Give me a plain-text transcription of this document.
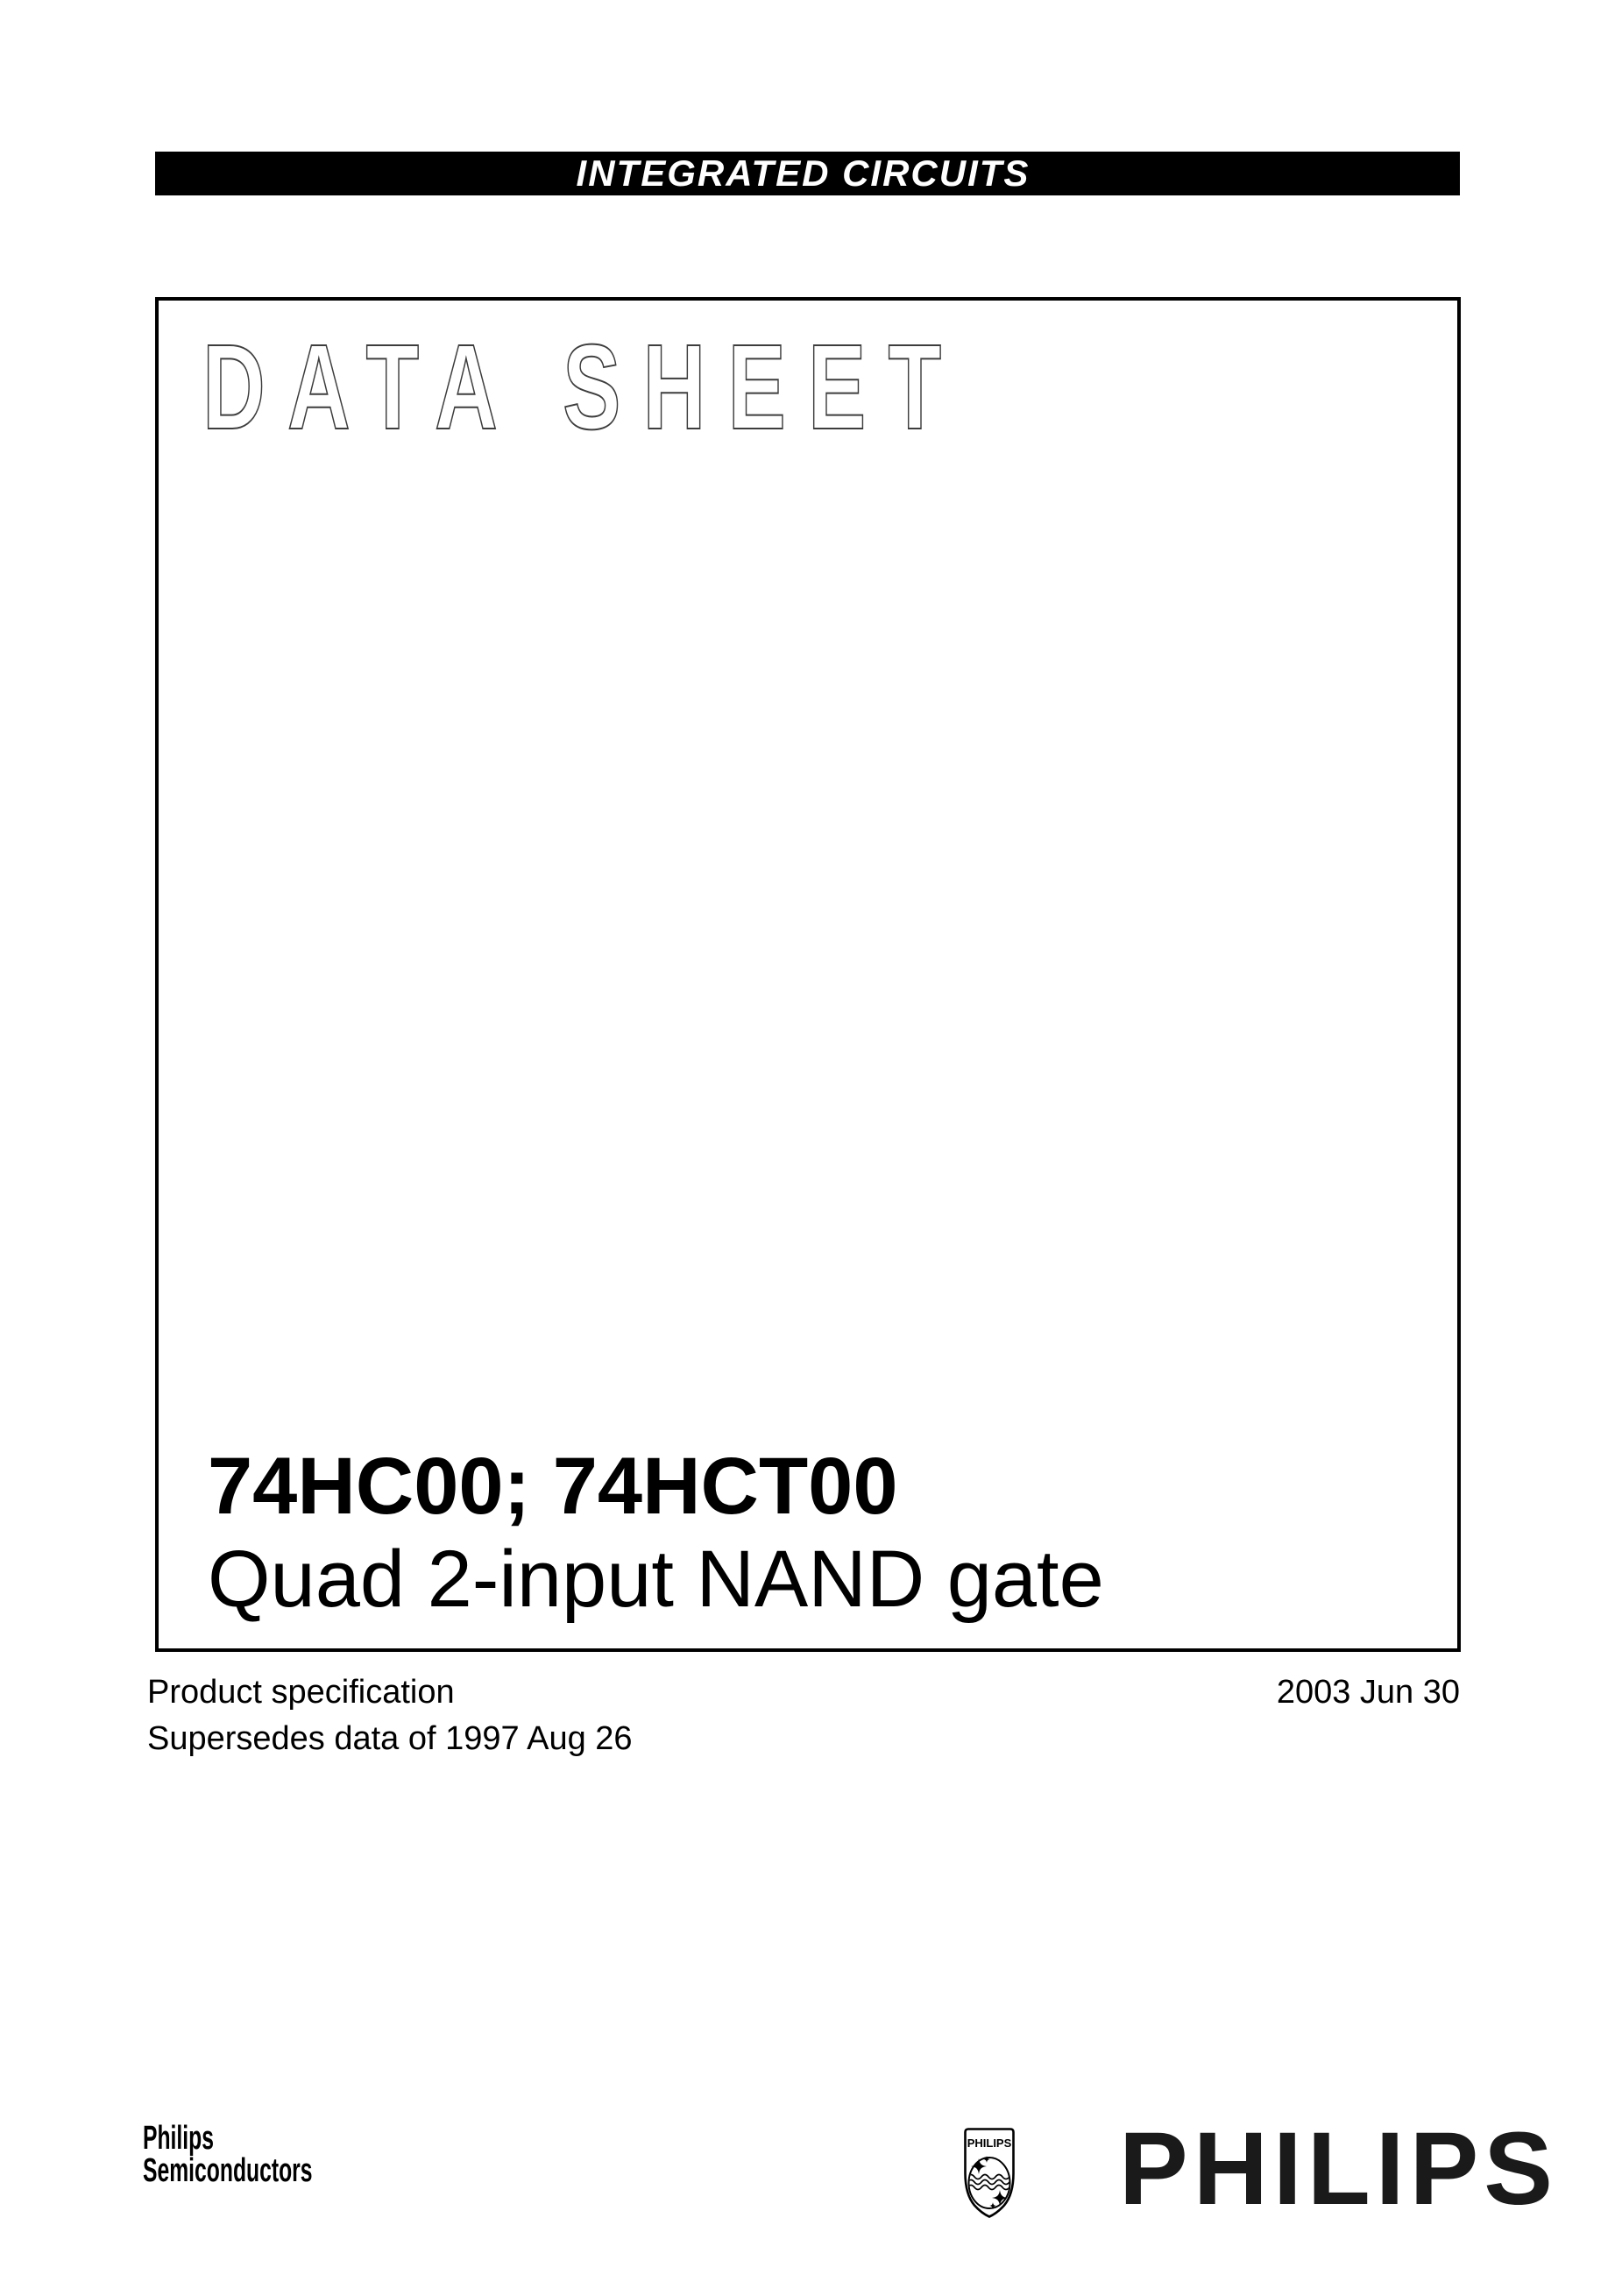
INTEGRATED CIRCUITS
DATA SHEET
74HC00; 74HCT00
Quad 2-input NAND gate
Product specification
Supersedes data of 1997 Aug 26
2003 Jun 30
Philips
Semiconductors
PHILIPS PHILIPS
